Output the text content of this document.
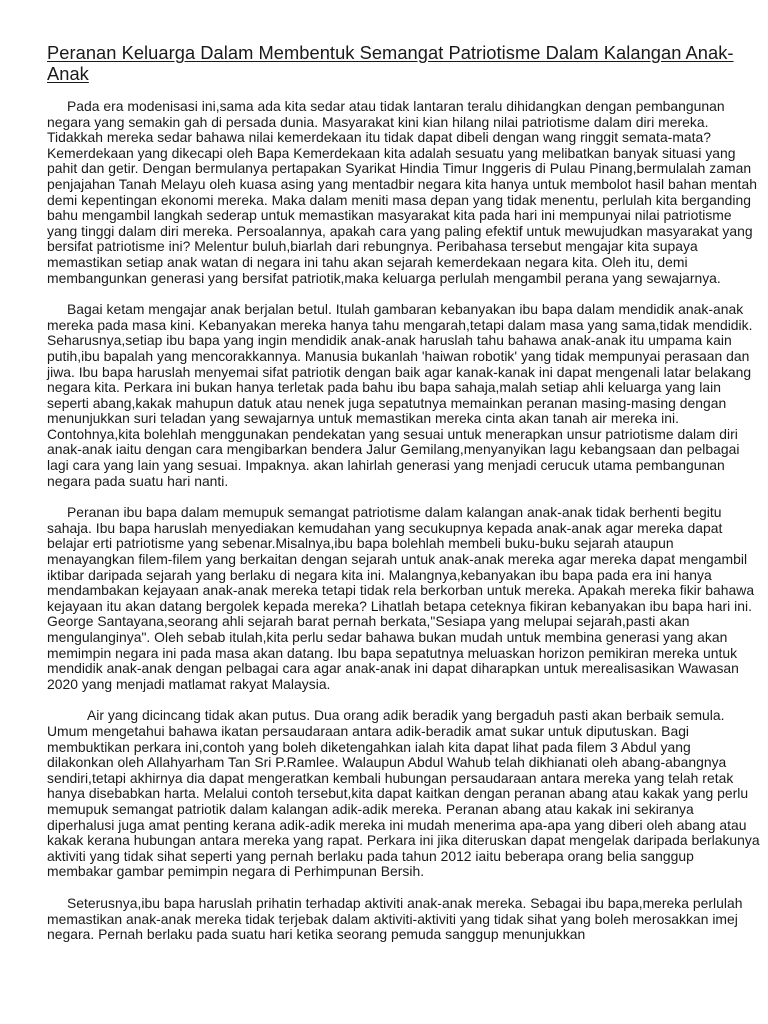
Peranan Keluarga Dalam Membentuk Semangat Patriotisme Dalam Kalangan Anak-Anak

Pada era modenisasi ini,sama ada kita sedar atau tidak lantaran teralu dihidangkan dengan pembangunan negara yang semakin gah di persada dunia. Masyarakat kini kian hilang nilai patriotisme dalam diri mereka. Tidakkah mereka sedar bahawa nilai kemerdekaan itu tidak dapat dibeli dengan wang ringgit semata-mata? Kemerdekaan yang dikecapi oleh Bapa Kemerdekaan kita adalah sesuatu yang melibatkan banyak situasi yang pahit dan getir. Dengan bermulanya pertapakan Syarikat Hindia Timur Inggeris di Pulau Pinang,bermulalah zaman penjajahan Tanah Melayu oleh kuasa asing yang mentadbir negara kita hanya untuk membolot hasil bahan mentah demi kepentingan ekonomi mereka. Maka dalam meniti masa depan yang tidak menentu, perlulah kita berganding bahu mengambil langkah sederap untuk memastikan masyarakat kita pada hari ini mempunyai nilai patriotisme yang tinggi dalam diri mereka. Persoalannya, apakah cara yang paling efektif untuk mewujudkan masyarakat yang bersifat patriotisme ini? Melentur buluh,biarlah dari rebungnya. Peribahasa tersebut mengajar kita supaya memastikan setiap anak watan di negara ini tahu akan sejarah kemerdekaan negara kita. Oleh itu, demi membangunkan generasi yang bersifat patriotik,maka keluarga perlulah mengambil perana yang sewajarnya.

Bagai ketam mengajar anak berjalan betul. Itulah gambaran kebanyakan ibu bapa dalam mendidik anak-anak mereka pada masa kini. Kebanyakan mereka hanya tahu mengarah,tetapi dalam masa yang sama,tidak mendidik. Seharusnya,setiap ibu bapa yang ingin mendidik anak-anak haruslah tahu bahawa anak-anak itu umpama kain putih,ibu bapalah yang mencorakkannya. Manusia bukanlah 'haiwan robotik' yang tidak mempunyai perasaan dan jiwa. Ibu bapa haruslah menyemai sifat patriotik dengan baik agar kanak-kanak ini dapat mengenali latar belakang negara kita. Perkara ini bukan hanya terletak pada bahu ibu bapa sahaja,malah setiap ahli keluarga yang lain seperti abang,kakak mahupun datuk atau nenek juga sepatutnya memainkan peranan masing-masing dengan menunjukkan suri teladan yang sewajarnya untuk memastikan mereka cinta akan tanah air mereka ini. Contohnya,kita bolehlah menggunakan pendekatan yang sesuai untuk menerapkan unsur patriotisme dalam diri anak-anak iaitu dengan cara mengibarkan bendera Jalur Gemilang,menyanyikan lagu kebangsaan dan pelbagai lagi cara yang lain yang sesuai. Impaknya. akan lahirlah generasi yang menjadi cerucuk utama pembangunan negara pada suatu hari nanti.

Peranan ibu bapa dalam memupuk semangat patriotisme dalam kalangan anak-anak tidak berhenti begitu sahaja. Ibu bapa haruslah menyediakan kemudahan yang secukupnya kepada anak-anak agar mereka dapat belajar erti patriotisme yang sebenar.Misalnya,ibu bapa bolehlah membeli buku-buku sejarah ataupun menayangkan filem-filem yang berkaitan dengan sejarah untuk anak-anak mereka agar mereka dapat mengambil iktibar daripada sejarah yang berlaku di negara kita ini. Malangnya,kebanyakan ibu bapa pada era ini hanya mendambakan kejayaan anak-anak mereka tetapi tidak rela berkorban untuk mereka. Apakah mereka fikir bahawa kejayaan itu akan datang bergolek kepada mereka? Lihatlah betapa ceteknya fikiran kebanyakan ibu bapa hari ini. George Santayana,seorang ahli sejarah barat pernah berkata,"Sesiapa yang melupai sejarah,pasti akan mengulanginya". Oleh sebab itulah,kita perlu sedar bahawa bukan mudah untuk membina generasi yang akan memimpin negara ini pada masa akan datang. Ibu bapa sepatutnya meluaskan horizon pemikiran mereka untuk mendidik anak-anak dengan pelbagai cara agar anak-anak ini dapat diharapkan untuk merealisasikan Wawasan 2020 yang menjadi matlamat rakyat Malaysia.

Air yang dicincang tidak akan putus. Dua orang adik beradik yang bergaduh pasti akan berbaik semula. Umum mengetahui bahawa ikatan persaudaraan antara adik-beradik amat sukar untuk diputuskan. Bagi membuktikan perkara ini,contoh yang boleh diketengahkan ialah kita dapat lihat pada filem 3 Abdul yang dilakonkan oleh Allahyarham Tan Sri P.Ramlee. Walaupun Abdul Wahub telah dikhianati oleh abang-abangnya sendiri,tetapi akhirnya dia dapat mengeratkan kembali hubungan persaudaraan antara mereka yang telah retak hanya disebabkan harta. Melalui contoh tersebut,kita dapat kaitkan dengan peranan abang atau kakak yang perlu memupuk semangat patriotik dalam kalangan adik-adik mereka. Peranan abang atau kakak ini sekiranya diperhalusi juga amat penting kerana adik-adik mereka ini mudah menerima apa-apa yang diberi oleh abang atau kakak kerana hubungan antara mereka yang rapat. Perkara ini jika diteruskan dapat mengelak daripada berlakunya aktiviti yang tidak sihat seperti yang pernah berlaku pada tahun 2012 iaitu beberapa orang belia sanggup membakar gambar pemimpin negara di Perhimpunan Bersih.

Seterusnya,ibu bapa haruslah prihatin terhadap aktiviti anak-anak mereka. Sebagai ibu bapa,mereka perlulah memastikan anak-anak mereka tidak terjebak dalam aktiviti-aktiviti yang tidak sihat yang boleh merosakkan imej negara. Pernah berlaku pada suatu hari ketika seorang pemuda sanggup menunjukkan
